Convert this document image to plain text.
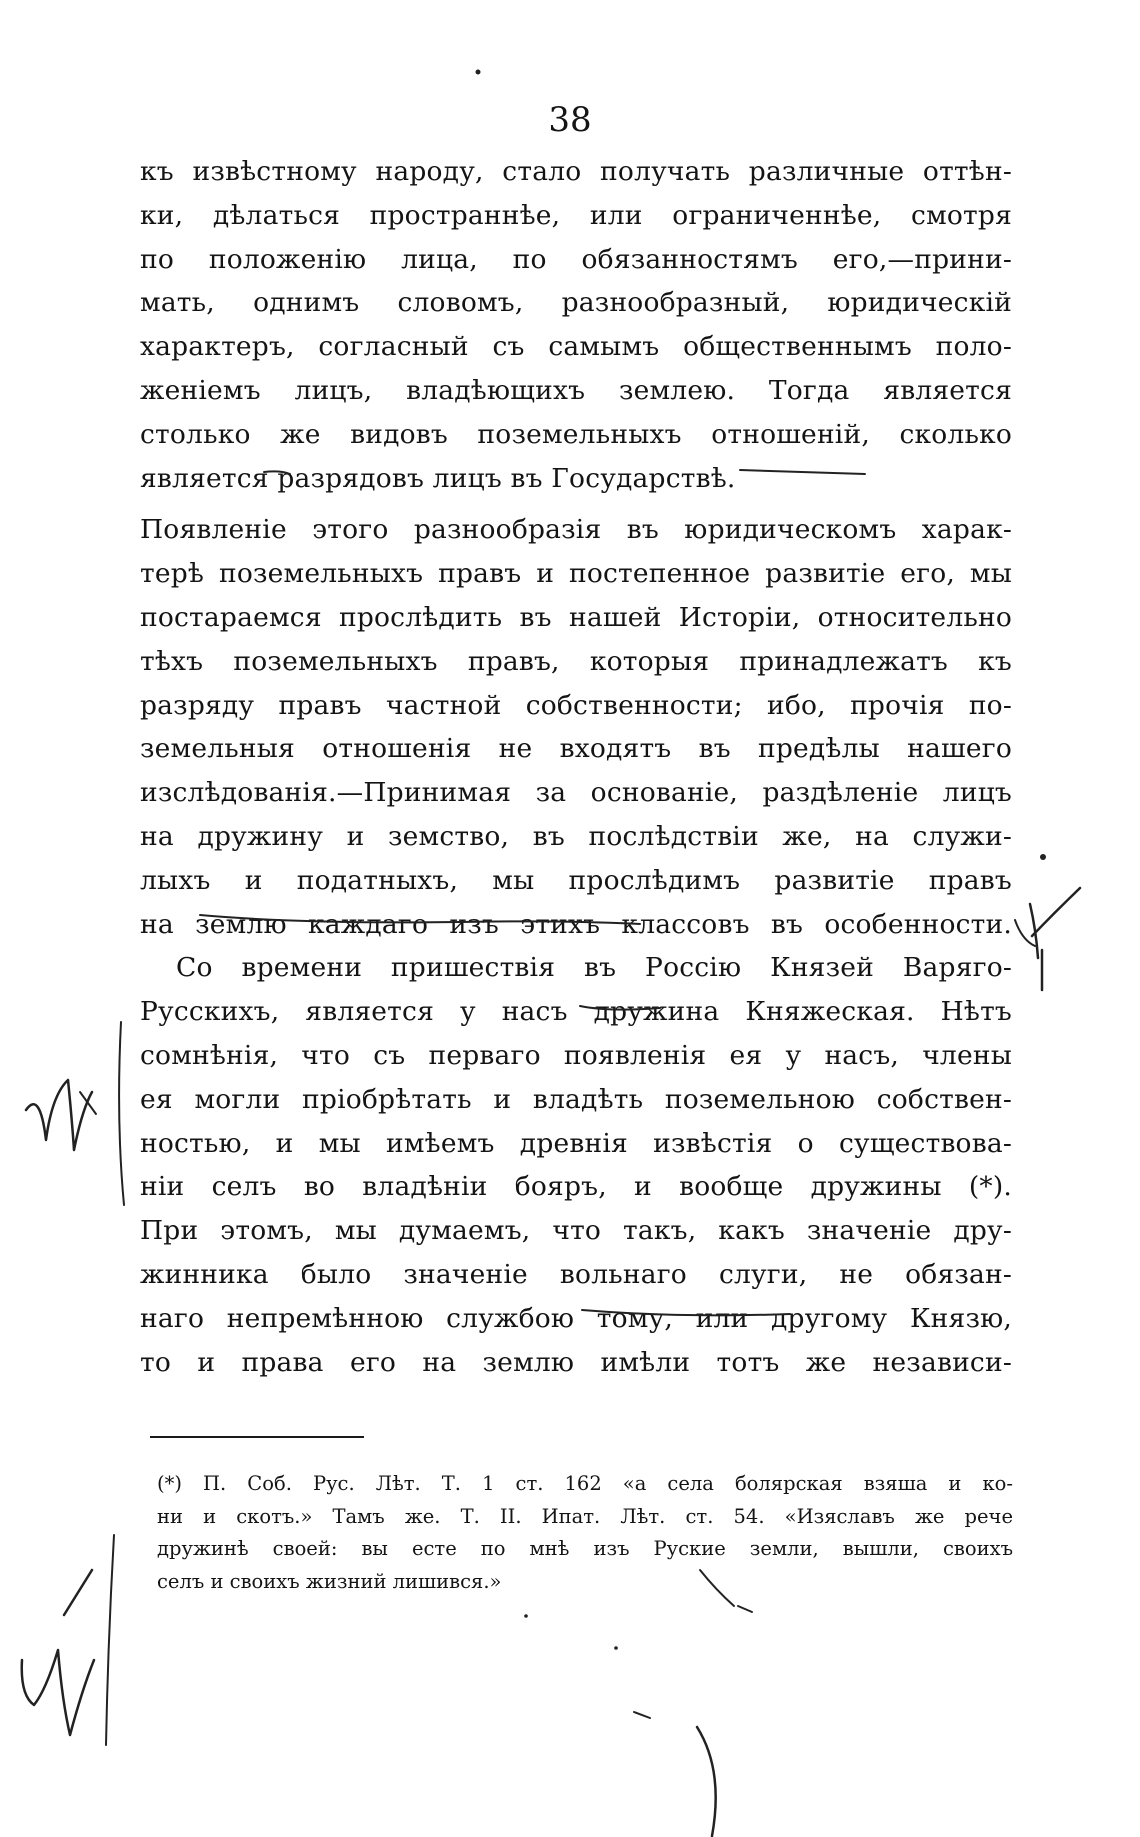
38
къ извѣстному народу, стало получать различные оттѣн-
ки, дѣлаться пространнѣе, или ограниченнѣе, смотря
по положенію лица, по обязанностямъ его,—прини-
мать, однимъ словомъ, разнообразный, юридическій
характеръ, согласный съ самымъ общественнымъ поло-
женіемъ лицъ, владѣющихъ землею. Тогда является
столько же видовъ поземельныхъ отношеній, сколько
является разрядовъ лицъ въ Государствѣ.
Появленіе этого разнообразія въ юридическомъ харак-
терѣ поземельныхъ правъ и постепенное развитіе его, мы
постараемся прослѣдить въ нашей Исторіи, относительно
тѣхъ поземельныхъ правъ, которыя принадлежатъ къ
разряду правъ частной собственности; ибо, прочія по-
земельныя отношенія не входятъ въ предѣлы нашего
изслѣдованія.—Принимая за основаніе, раздѣленіе лицъ
на дружину и земство, въ послѣдствіи же, на служи-
лыхъ и податныхъ, мы прослѣдимъ развитіе правъ
на землю каждаго изъ этихъ классовъ въ особенности.
Со времени пришествія въ Россію Князей Варяго-
Русскихъ, является у насъ дружина Княжеская. Нѣтъ
сомнѣнія, что съ перваго появленія ея у насъ, члены
ея могли пріобрѣтать и владѣть поземельною собствен-
ностью, и мы имѣемъ древнія извѣстія о существова-
ніи селъ во владѣніи бояръ, и вообще дружины (*).
При этомъ, мы думаемъ, что такъ, какъ значеніе дру-
жинника было значеніе вольнаго слуги, не обязан-
наго непремѣнною службою тому, или другому Князю,
то и права его на землю имѣли тотъ же независи-
(*) П. Соб. Рус. Лѣт. Т. 1 ст. 162 «а села болярская взяша и ко-
ни и скотъ.» Тамъ же. Т. II. Ипат. Лѣт. ст. 54. «Изяславъ же рече
дружинѣ своей: вы есте по мнѣ изъ Руские земли, вышли, своихъ
селъ и своихъ жизний лишився.»
